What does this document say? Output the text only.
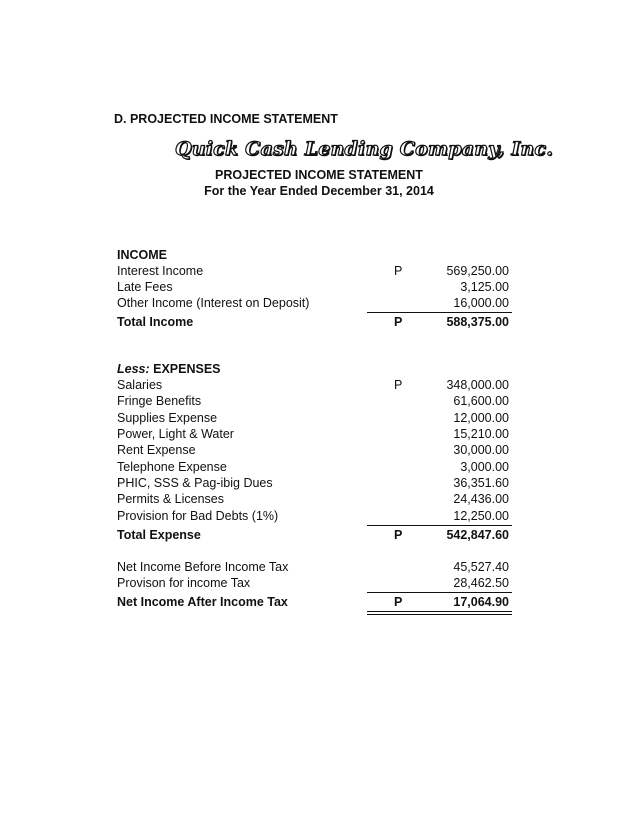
D. PROJECTED INCOME STATEMENT
Quick Cash Lending Company, Inc.
PROJECTED INCOME STATEMENT
For the Year Ended December 31, 2014
INCOME
Interest Income	P	569,250.00
Late Fees	3,125.00
Other Income (Interest on Deposit)	16,000.00
Total Income	P	588,375.00
Less: EXPENSES
Salaries	P	348,000.00
Fringe Benefits	61,600.00
Supplies Expense	12,000.00
Power, Light & Water	15,210.00
Rent Expense	30,000.00
Telephone Expense	3,000.00
PHIC, SSS & Pag-ibig Dues	36,351.60
Permits & Licenses	24,436.00
Provision for Bad Debts (1%)	12,250.00
Total Expense	P	542,847.60
Net Income Before Income Tax	45,527.40
Provison for income Tax	28,462.50
Net Income After Income Tax	P	17,064.90
